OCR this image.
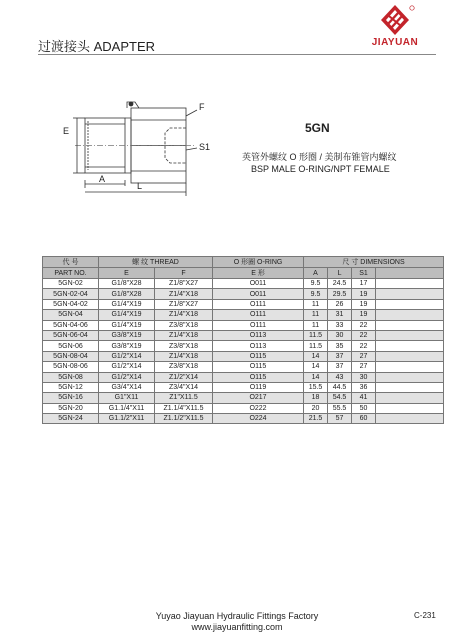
过渡接头 ADAPTER	JIAYUAN
E
F
S1
A
L
5GN
英管外螺纹 O 形圈 / 美制布锥管内螺纹
BSP MALE O-RING/NPT FEMALE
代 号	螺 纹 THREAD		O 形圈 O-RING	尺 寸 DIMENSIONS			
PART NO.	E	F	E 形	A	L	S1	
5GN-02	G1/8"X28	Z1/8"X27	O011	9.5	24.5	17	
5GN-02-04	G1/8"X28	Z1/4"X18	O011	9.5	29.5	19	
5GN-04-02	G1/4"X19	Z1/8"X27	O111	11	26	19	
5GN-04	G1/4"X19	Z1/4"X18	O111	11	31	19	
5GN-04-06	G1/4"X19	Z3/8"X18	O111	11	33	22	
5GN-06-04	G3/8"X19	Z1/4"X18	O113	11.5	30	22	
5GN-06	G3/8"X19	Z3/8"X18	O113	11.5	35	22	
5GN-08-04	G1/2"X14	Z1/4"X18	O115	14	37	27	
5GN-08-06	G1/2"X14	Z3/8"X18	O115	14	37	27	
5GN-08	G1/2"X14	Z1/2"X14	O115	14	43	30	
5GN-12	G3/4"X14	Z3/4"X14	O119	15.5	44.5	36	
5GN-16	G1"X11	Z1"X11.5	O217	18	54.5	41	
5GN-20	G1.1/4"X11	Z1.1/4"X11.5	O222	20	55.5	50	
5GN-24	G1.1/2"X11	Z1.1/2"X11.5	O224	21.5	57	60	
Yuyao Jiayuan Hydraulic Fittings Factory
www.jiayuanfitting.com
C-231
